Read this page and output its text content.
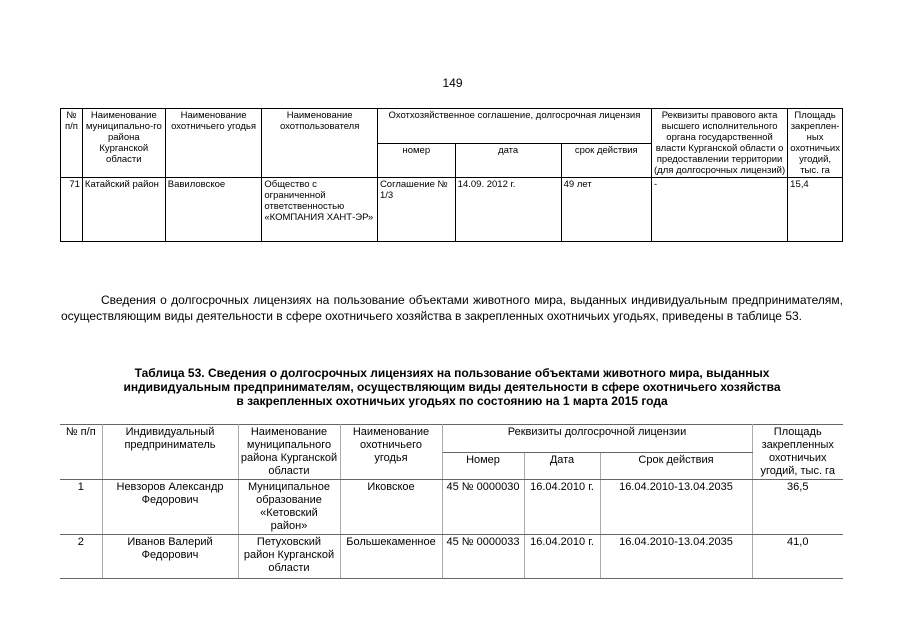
149
№ п/п	Наименование муниципально-го района Курганской области	Наименование охотничьего угодья	Наименование охотпользователя	Охотхозяйственное соглашение, долгосрочная лицензия			Реквизиты правового акта высшего исполнительного органа государственной власти Курганской области о предоставлении территории (для долгосрочных лицензий)	Площадь закреплен-ных охотничьих угодий, тыс. га
				номер	дата	срок действия		
71	Катайский район	Вавиловское	Общество с ограниченной ответственностью «КОМПАНИЯ ХАНТ-ЭР»	Соглашение № 1/3	14.09. 2012 г.	49 лет	-	15,4

Сведения о долгосрочных лицензиях на пользование объектами животного мира, выданных индивидуальным предпринимателям, осуществляющим виды деятельности в сфере охотничьего хозяйства в закрепленных охотничьих угодьях, приведены в таблице 53.

Таблица 53. Сведения о долгосрочных лицензиях на пользование объектами животного мира, выданных
индивидуальным предпринимателям, осуществляющим виды деятельности в сфере охотничьего хозяйства
в закрепленных охотничьих угодьях по состоянию на 1 марта 2015 года

№ п/п	Индивидуальный предприниматель	Наименование муниципального района Курганской области	Наименование охотничьего угодья	Реквизиты долгосрочной лицензии			Площадь закрепленных охотничьих угодий, тыс. га
				Номер	Дата	Срок действия	
1	Невзоров Александр Федорович	Муниципальное образование «Кетовский район»	Иковское	45 № 0000030	16.04.2010 г.	16.04.2010-13.04.2035	36,5
2	Иванов Валерий Федорович	Петуховский район Курганской области	Большекаменное	45 № 0000033	16.04.2010 г.	16.04.2010-13.04.2035	41,0
